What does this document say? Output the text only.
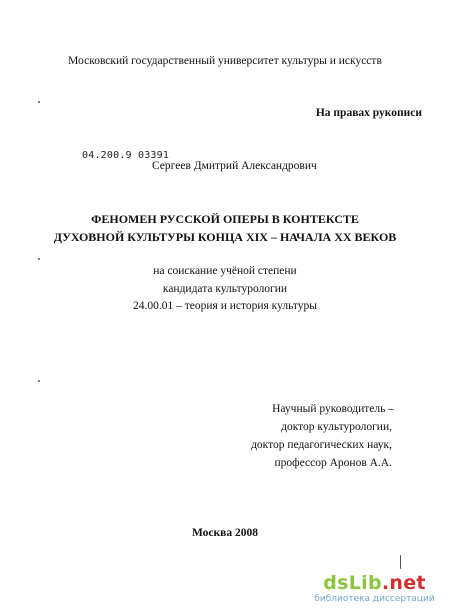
Московский государственный университет культуры и искусств
На правах рукописи
04.200.9 03391
Сергеев Дмитрий Александрович
ФЕНОМЕН РУССКОЙ ОПЕРЫ В КОНТЕКСТЕ
ДУХОВНОЙ КУЛЬТУРЫ КОНЦА XIX – НАЧАЛА XX ВЕКОВ
на соискание учёной степени
кандидата культурологии
24.00.01 – теория и история культуры
Научный руководитель –
доктор культурологии,
доктор педагогических наук,
профессор Аронов А.А.
Москва 2008
dsLib.net
библиотека диссертаций
